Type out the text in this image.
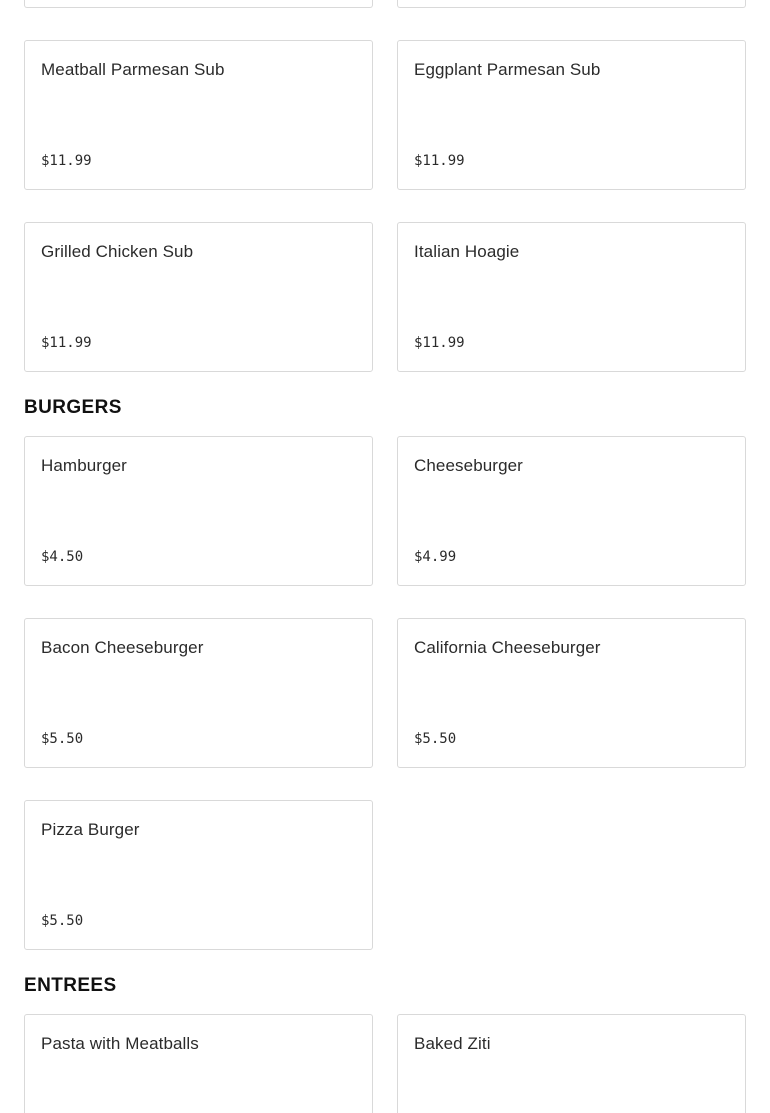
Meatball Parmesan Sub
$11.99
Eggplant Parmesan Sub
$11.99
Grilled Chicken Sub
$11.99
Italian Hoagie
$11.99
BURGERS
Hamburger
$4.50
Cheeseburger
$4.99
Bacon Cheeseburger
$5.50
California Cheeseburger
$5.50
Pizza Burger
$5.50
ENTREES
Pasta with Meatballs	Baked Ziti
